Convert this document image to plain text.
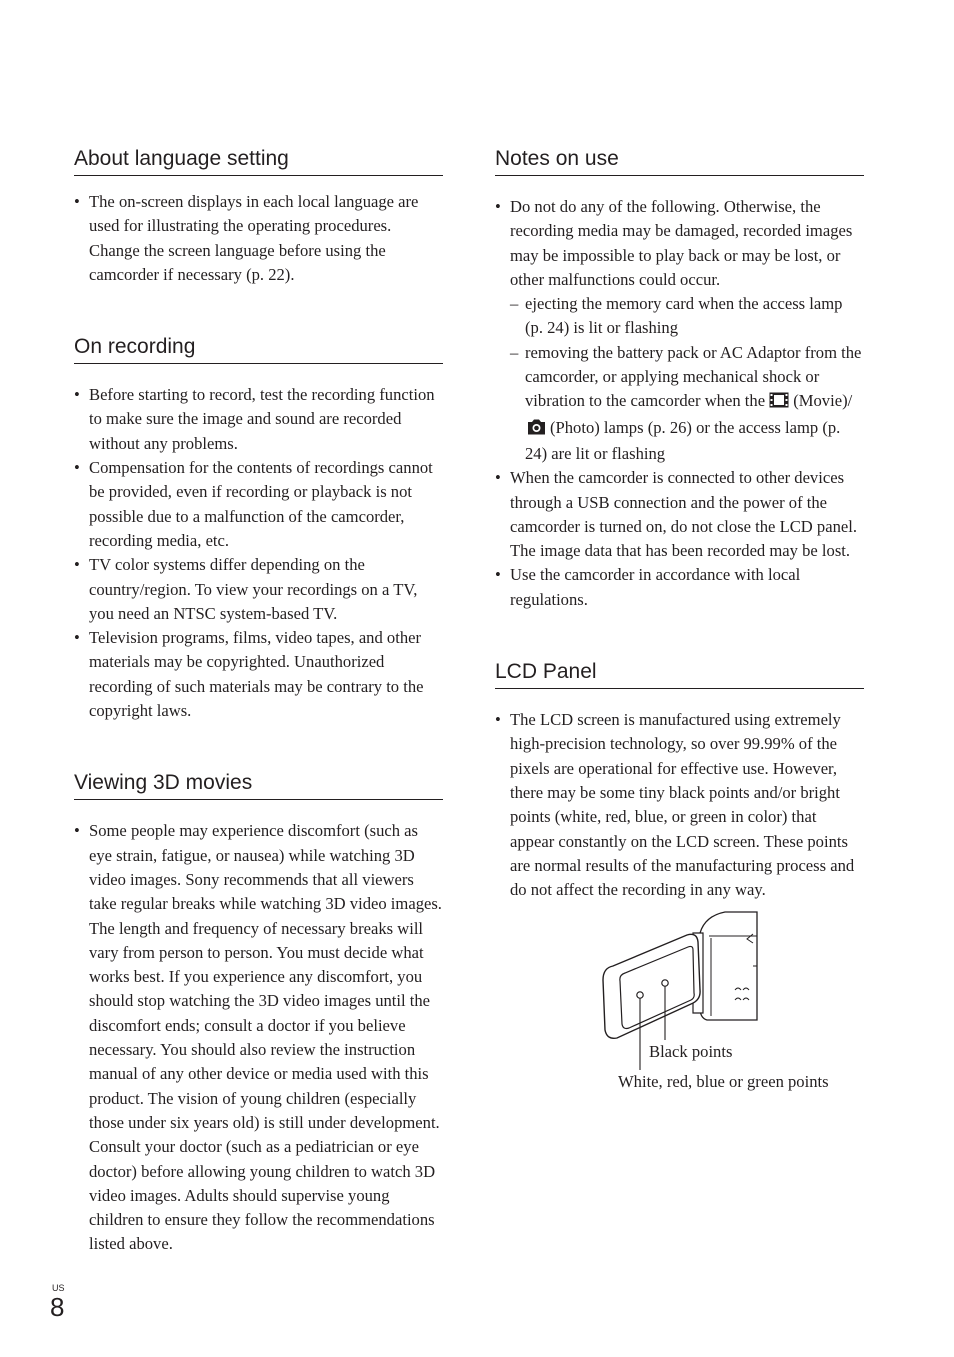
About language setting
• The on-screen displays in each local language are used for illustrating the operating procedures. Change the screen language before using the camcorder if necessary (p. 22).
On recording
• Before starting to record, test the recording function to make sure the image and sound are recorded without any problems.
• Compensation for the contents of recordings cannot be provided, even if recording or playback is not possible due to a malfunction of the camcorder, recording media, etc.
• TV color systems differ depending on the country/region. To view your recordings on a TV, you need an NTSC system-based TV.
• Television programs, films, video tapes, and other materials may be copyrighted. Unauthorized recording of such materials may be contrary to the copyright laws.
Viewing 3D movies
• Some people may experience discomfort (such as eye strain, fatigue, or nausea) while watching 3D video images. Sony recommends that all viewers take regular breaks while watching 3D video images. The length and frequency of necessary breaks will vary from person to person. You must decide what works best. If you experience any discomfort, you should stop watching the 3D video images until the discomfort ends; consult a doctor if you believe necessary. You should also review the instruction manual of any other device or media used with this product. The vision of young children (especially those under six years old) is still under development. Consult your doctor (such as a pediatrician or eye doctor) before allowing young children to watch 3D video images. Adults should supervise young children to ensure they follow the recommendations listed above.
Notes on use
• Do not do any of the following. Otherwise, the recording media may be damaged, recorded images may be impossible to play back or may be lost, or other malfunctions could occur.
– ejecting the memory card when the access lamp (p. 24) is lit or flashing
– removing the battery pack or AC Adaptor from the camcorder, or applying mechanical shock or vibration to the camcorder when the (Movie)/ (Photo) lamps (p. 26) or the access lamp (p. 24) are lit or flashing
• When the camcorder is connected to other devices through a USB connection and the power of the camcorder is turned on, do not close the LCD panel. The image data that has been recorded may be lost.
• Use the camcorder in accordance with local regulations.
LCD Panel
• The LCD screen is manufactured using extremely high-precision technology, so over 99.99% of the pixels are operational for effective use. However, there may be some tiny black points and/or bright points (white, red, blue, or green in color) that appear constantly on the LCD screen. These points are normal results of the manufacturing process and do not affect the recording in any way.
Black points
White, red, blue or green points
US
8
